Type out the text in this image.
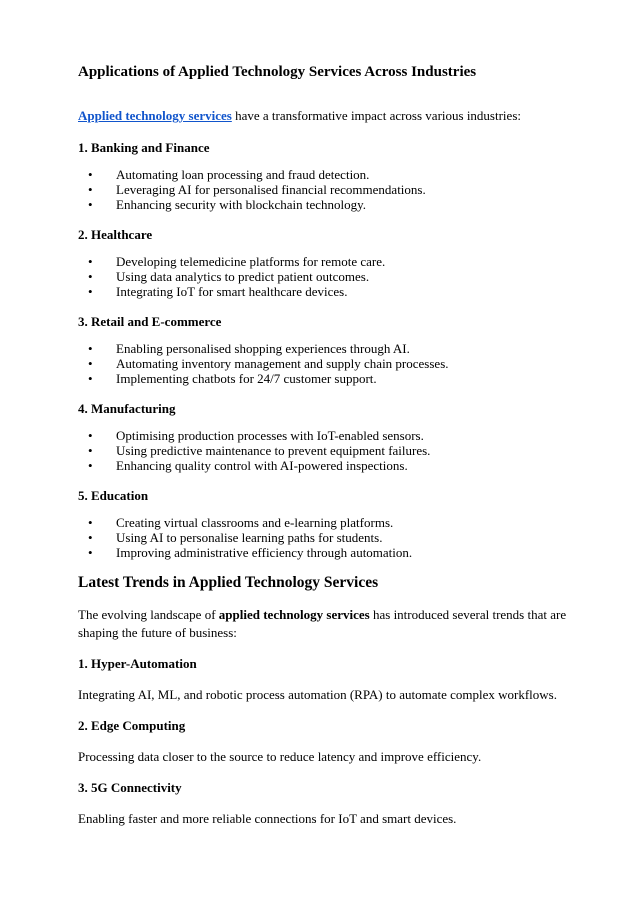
Applications of Applied Technology Services Across Industries
Applied technology services have a transformative impact across various industries:
1. Banking and Finance
• Automating loan processing and fraud detection.
• Leveraging AI for personalised financial recommendations.
• Enhancing security with blockchain technology.
2. Healthcare
• Developing telemedicine platforms for remote care.
• Using data analytics to predict patient outcomes.
• Integrating IoT for smart healthcare devices.
3. Retail and E-commerce
• Enabling personalised shopping experiences through AI.
• Automating inventory management and supply chain processes.
• Implementing chatbots for 24/7 customer support.
4. Manufacturing
• Optimising production processes with IoT-enabled sensors.
• Using predictive maintenance to prevent equipment failures.
• Enhancing quality control with AI-powered inspections.
5. Education
• Creating virtual classrooms and e-learning platforms.
• Using AI to personalise learning paths for students.
• Improving administrative efficiency through automation.
Latest Trends in Applied Technology Services

The evolving landscape of applied technology services has introduced several trends that are shaping the future of business:

1. Hyper-Automation

Integrating AI, ML, and robotic process automation (RPA) to automate complex workflows.

2. Edge Computing

Processing data closer to the source to reduce latency and improve efficiency.

3. 5G Connectivity

Enabling faster and more reliable connections for IoT and smart devices.
